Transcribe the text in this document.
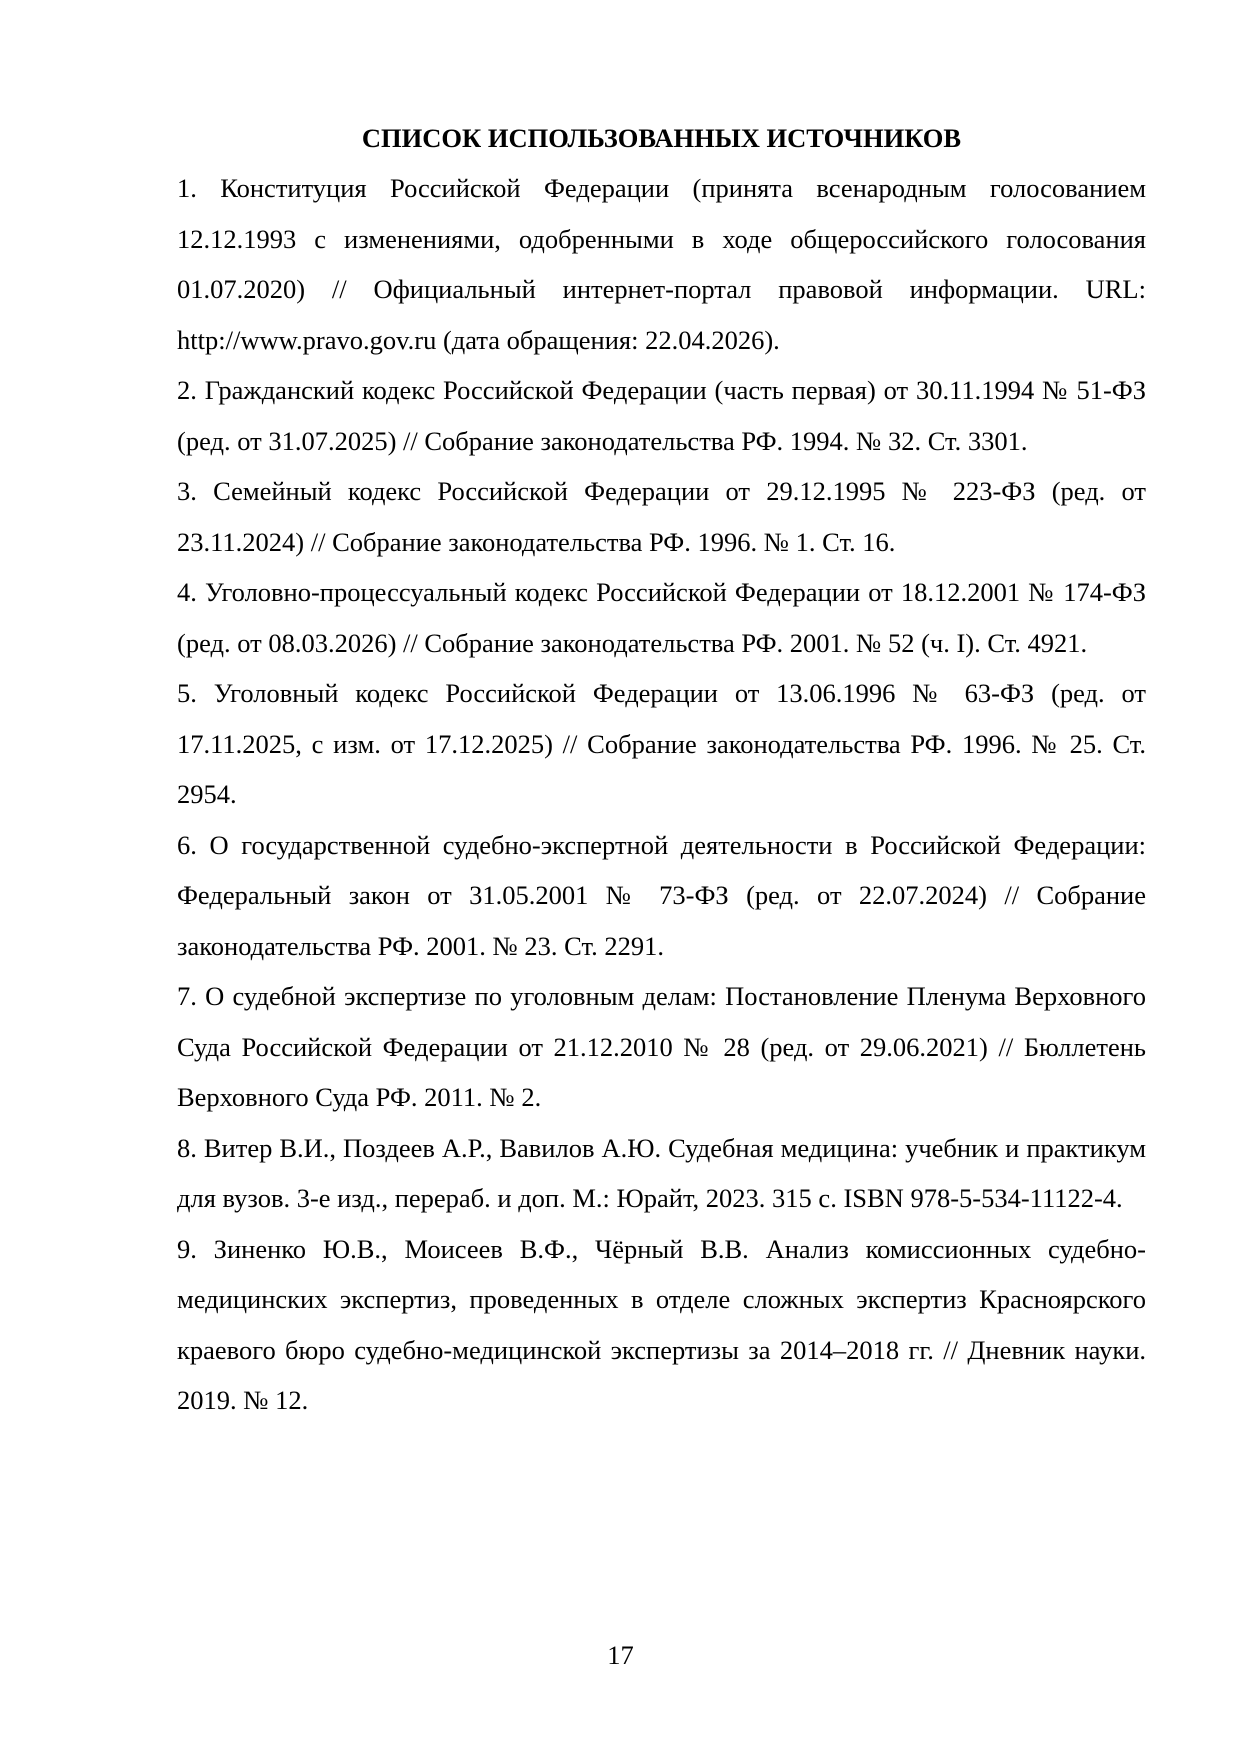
СПИСОК ИСПОЛЬЗОВАННЫХ ИСТОЧНИКОВ
1. Конституция Российской Федерации (принята всенародным голосованием 12.12.1993 с изменениями, одобренными в ходе общероссийского голосования 01.07.2020) // Официальный интернет-портал правовой информации. URL: http://www.pravo.gov.ru (дата обращения: 22.04.2026).
2. Гражданский кодекс Российской Федерации (часть первая) от 30.11.1994 № 51-ФЗ (ред. от 31.07.2025) // Собрание законодательства РФ. 1994. № 32. Ст. 3301.
3. Семейный кодекс Российской Федерации от 29.12.1995 № 223-ФЗ (ред. от 23.11.2024) // Собрание законодательства РФ. 1996. № 1. Ст. 16.
4. Уголовно-процессуальный кодекс Российской Федерации от 18.12.2001 № 174-ФЗ (ред. от 08.03.2026) // Собрание законодательства РФ. 2001. № 52 (ч. I). Ст. 4921.
5. Уголовный кодекс Российской Федерации от 13.06.1996 № 63-ФЗ (ред. от 17.11.2025, с изм. от 17.12.2025) // Собрание законодательства РФ. 1996. № 25. Ст. 2954.
6. О государственной судебно-экспертной деятельности в Российской Федерации: Федеральный закон от 31.05.2001 № 73-ФЗ (ред. от 22.07.2024) // Собрание законодательства РФ. 2001. № 23. Ст. 2291.
7. О судебной экспертизе по уголовным делам: Постановление Пленума Верховного Суда Российской Федерации от 21.12.2010 № 28 (ред. от 29.06.2021) // Бюллетень Верховного Суда РФ. 2011. № 2.
8. Витер В.И., Поздеев А.Р., Вавилов А.Ю. Судебная медицина: учебник и практикум для вузов. 3-е изд., перераб. и доп. М.: Юрайт, 2023. 315 с. ISBN 978-5-534-11122-4.
9. Зиненко Ю.В., Моисеев В.Ф., Чёрный В.В. Анализ комиссионных судебно-медицинских экспертиз, проведенных в отделе сложных экспертиз Красноярского краевого бюро судебно-медицинской экспертизы за 2014–2018 гг. // Дневник науки. 2019. № 12.
17
